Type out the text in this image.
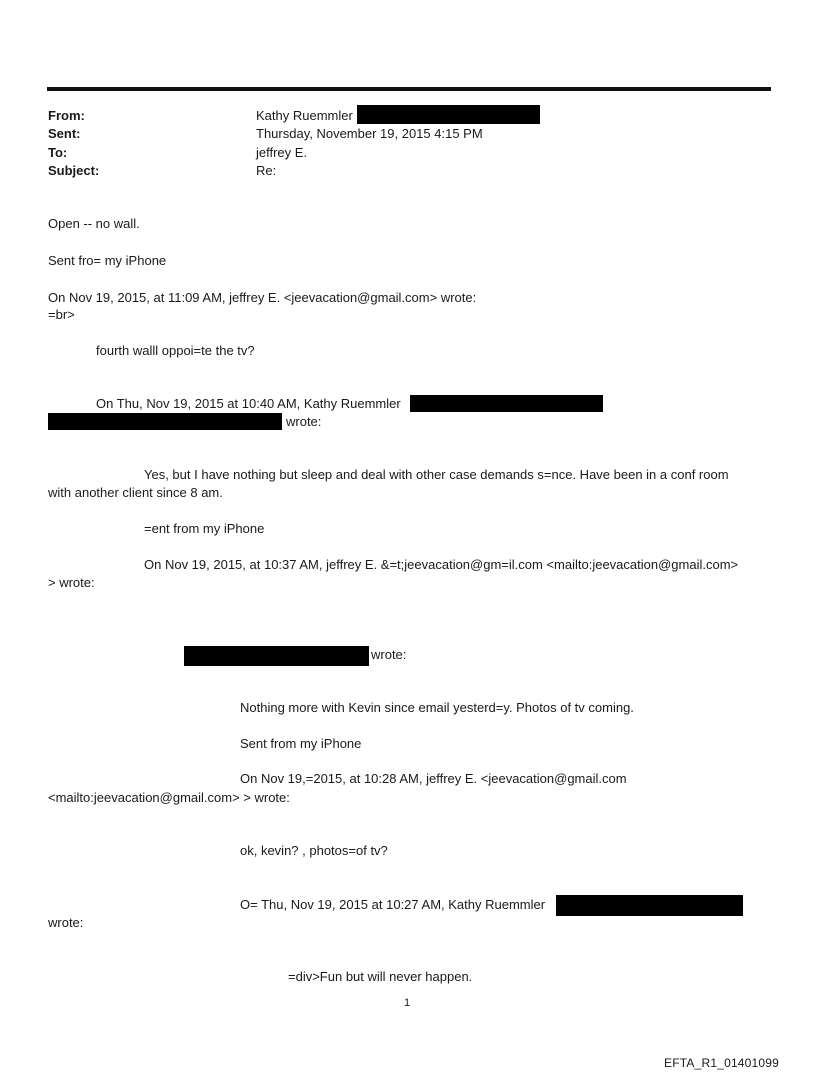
From:	Kathy Ruemmler
Sent:	Thursday, November 19, 2015 4:15 PM
To:	jeffrey E.
Subject:	Re:
Open -- no wall.
Sent fro= my iPhone
On Nov 19, 2015, at 11:09 AM, jeffrey E. <jeevacation@gmail.com> wrote:
=br>
fourth walll oppoi=te the tv?
On Thu, Nov 19, 2015 at 10:40 AM, Kathy Ruemmler
wrote:
Yes, but I have nothing but sleep and deal with other case demands s=nce. Have been in a conf room
with another client since 8 am.
=ent from my iPhone
On Nov 19, 2015, at 10:37 AM, jeffrey E. &=t;jeevacation@gm=il.com <mailto:jeevacation@gmail.com>
> wrote:
wrote:
Nothing more with Kevin since email yesterd=y. Photos of tv coming.
Sent from my iPhone
On Nov 19,=2015, at 10:28 AM, jeffrey E. <jeevacation@gmail.com
<mailto:jeevacation@gmail.com> > wrote:
ok, kevin? , photos=of tv?
O= Thu, Nov 19, 2015 at 10:27 AM, Kathy Ruemmler
wrote:
=div>Fun but will never happen.
1
EFTA_R1_01401099
